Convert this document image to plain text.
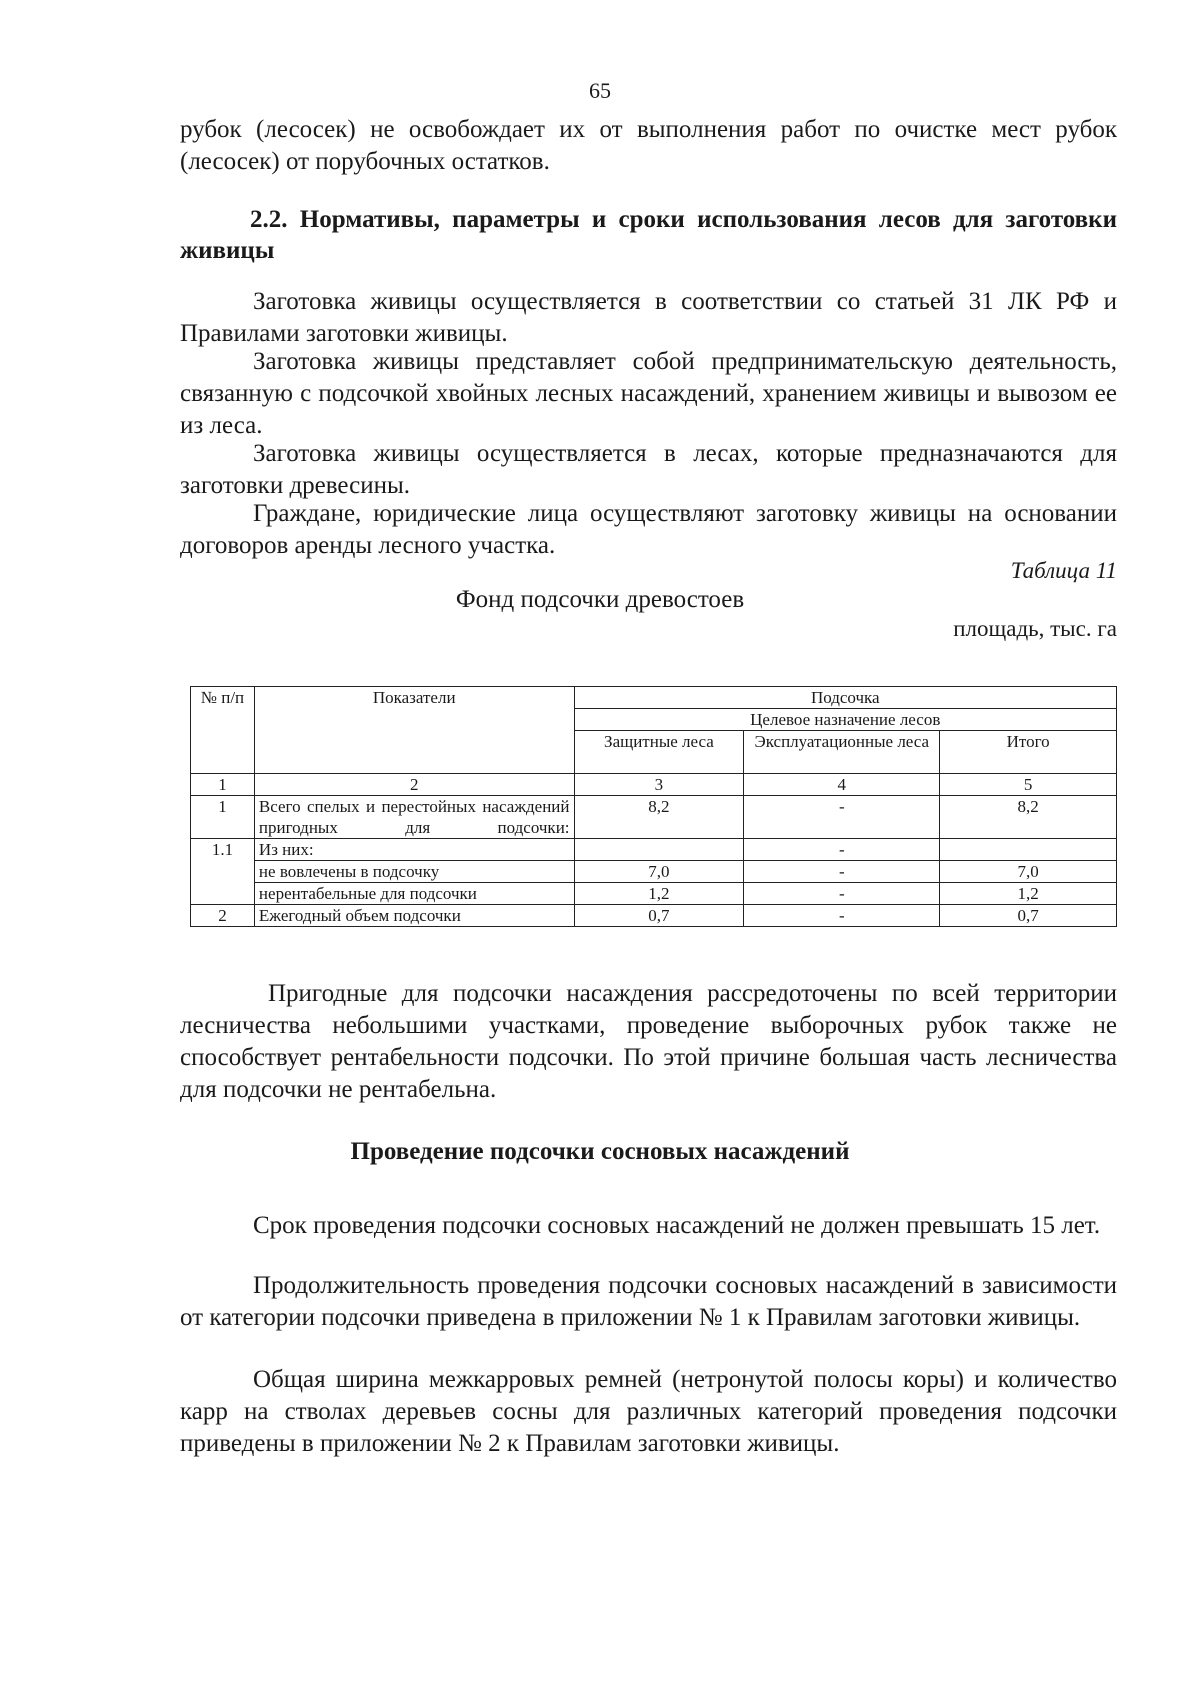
65

рубок (лесосек) не освобождает их от выполнения работ по очистке мест рубок (лесосек) от порубочных остатков.

2.2. Нормативы, параметры и сроки использования лесов для заготовки живицы

Заготовка живицы осуществляется в соответствии со статьей 31 ЛК РФ и Правилами заготовки живицы.

Заготовка живицы представляет собой предпринимательскую деятельность, связанную с подсочкой хвойных лесных насаждений, хранением живицы и вывозом ее из леса.

Заготовка живицы осуществляется в лесах, которые предназначаются для заготовки древесины.

Граждане, юридические лица осуществляют заготовку живицы на основании договоров аренды лесного участка.

Таблица 11
Фонд подсочки древостоев
площадь, тыс. га
№ п/п	Показатели	Подсочка		
		Целевое назначение лесов		
		Защитные леса	Эксплуатационные леса	Итого
1	2	3	4	5
1	Всего спелых и перестойных насаждений пригодных для подсочки:	8,2	-	8,2
1.1	Из них:		-	
	не вовлечены в подсочку	7,0	-	7,0
	нерентабельные для подсочки	1,2	-	1,2
2	Ежегодный объем подсочки	0,7	-	0,7

Пригодные для подсочки насаждения рассредоточены по всей территории лесничества небольшими участками, проведение выборочных рубок также не способствует рентабельности подсочки. По этой причине большая часть лесничества для подсочки не рентабельна.

Проведение подсочки сосновых насаждений

Срок проведения подсочки сосновых насаждений не должен превышать 15 лет.

Продолжительность проведения подсочки сосновых насаждений в зависимости от категории подсочки приведена в приложении № 1 к Правилам заготовки живицы.

Общая ширина межкарровых ремней (нетронутой полосы коры) и количество карр на стволах деревьев сосны для различных категорий проведения подсочки приведены в приложении № 2 к Правилам заготовки живицы.
